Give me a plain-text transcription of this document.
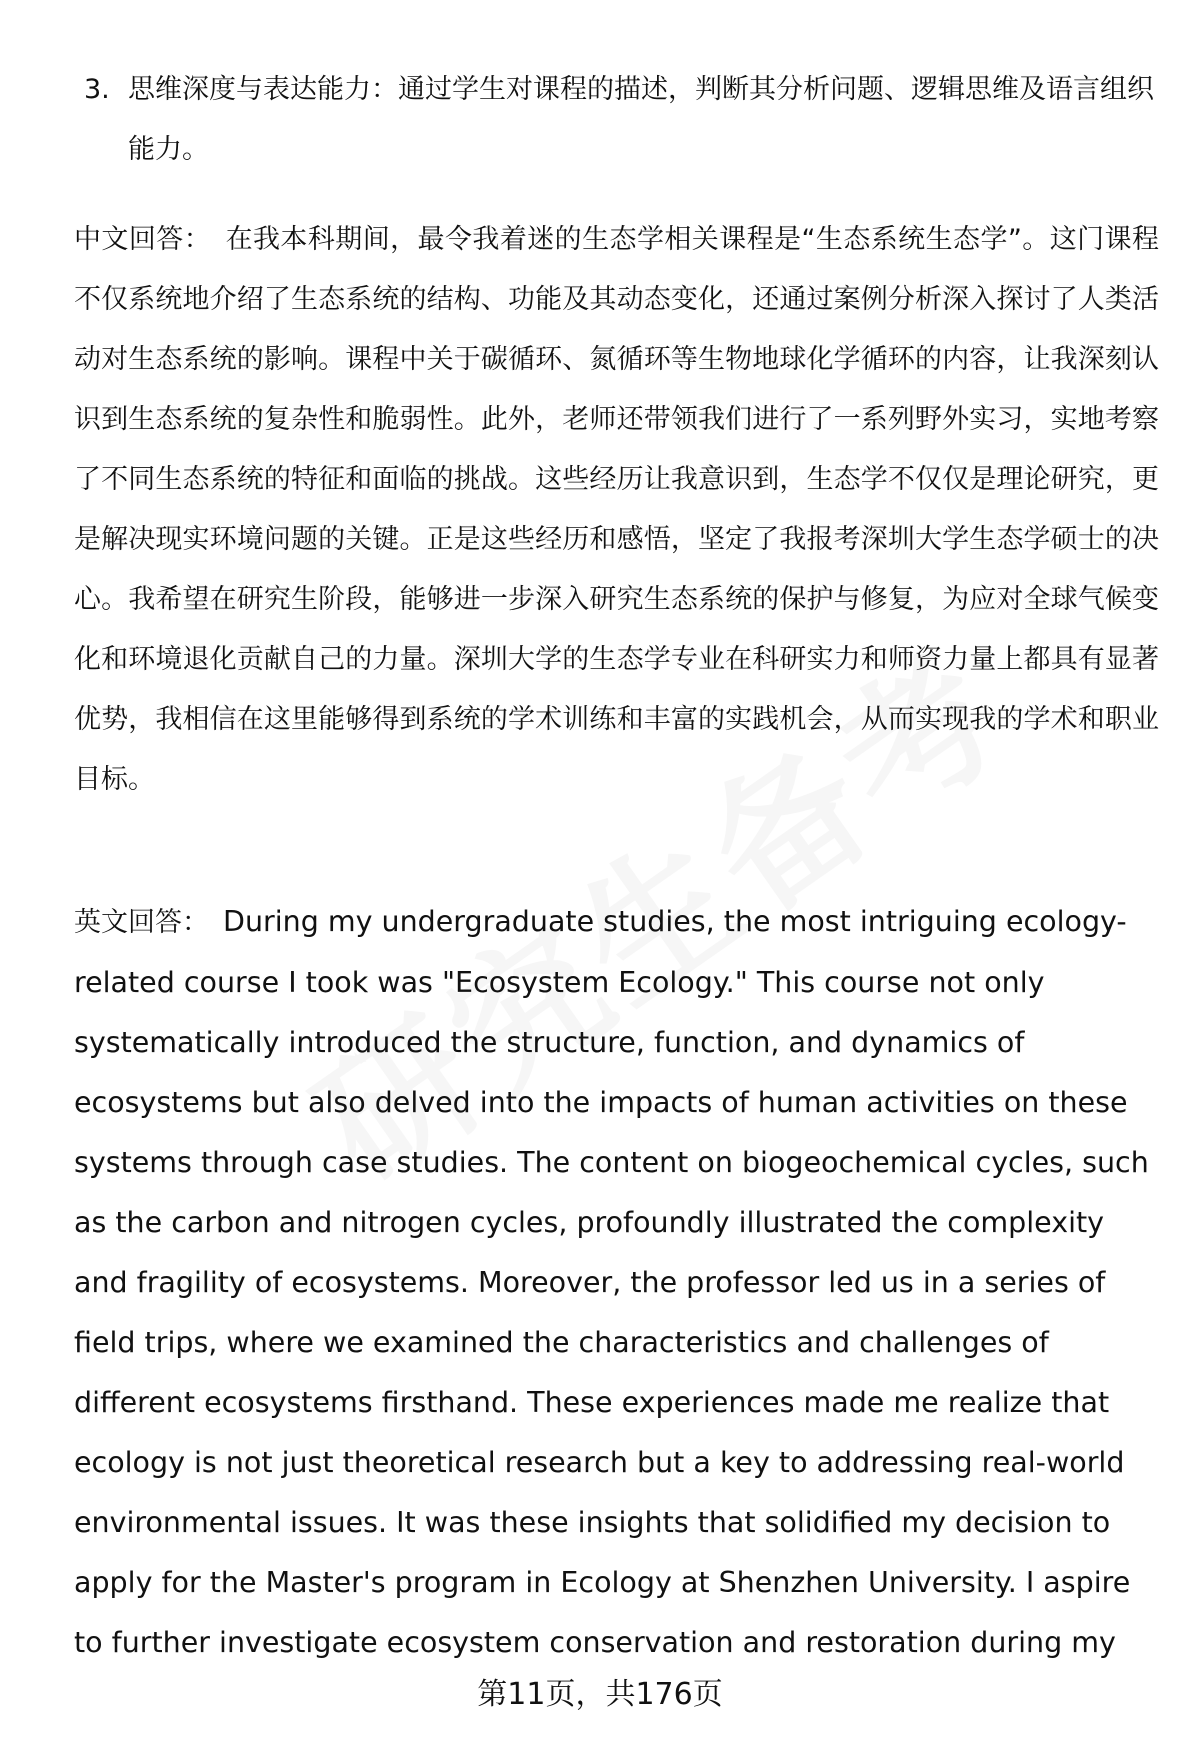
3. 思维深度与表达能力：通过学生对课程的描述，判断其分析问题、逻辑思维及语言组织能力。
中文回答： 在我本科期间，最令我着迷的生态学相关课程是“生态系统生态学”。这门课程不仅系统地介绍了生态系统的结构、功能及其动态变化，还通过案例分析深入探讨了人类活动对生态系统的影响。课程中关于碳循环、氮循环等生物地球化学循环的内容，让我深刻认识到生态系统的复杂性和脆弱性。此外，老师还带领我们进行了一系列野外实习，实地考察了不同生态系统的特征和面临的挑战。这些经历让我意识到，生态学不仅仅是理论研究，更是解决现实环境问题的关键。正是这些经历和感悟，坚定了我报考深圳大学生态学硕士的决心。我希望在研究生阶段，能够进一步深入研究生态系统的保护与修复，为应对全球气候变化和环境退化贡献自己的力量。深圳大学的生态学专业在科研实力和师资力量上都具有显著优势，我相信在这里能够得到系统的学术训练和丰富的实践机会，从而实现我的学术和职业目标。
英文回答： During my undergraduate studies, the most intriguing ecology-related course I took was "Ecosystem Ecology." This course not only systematically introduced the structure, function, and dynamics of ecosystems but also delved into the impacts of human activities on these systems through case studies. The content on biogeochemical cycles, such as the carbon and nitrogen cycles, profoundly illustrated the complexity and fragility of ecosystems. Moreover, the professor led us in a series of field trips, where we examined the characteristics and challenges of different ecosystems firsthand. These experiences made me realize that ecology is not just theoretical research but a key to addressing real-world environmental issues. It was these insights that solidified my decision to apply for the Master's program in Ecology at Shenzhen University. I aspire to further investigate ecosystem conservation and restoration during my
第11页，共176页
